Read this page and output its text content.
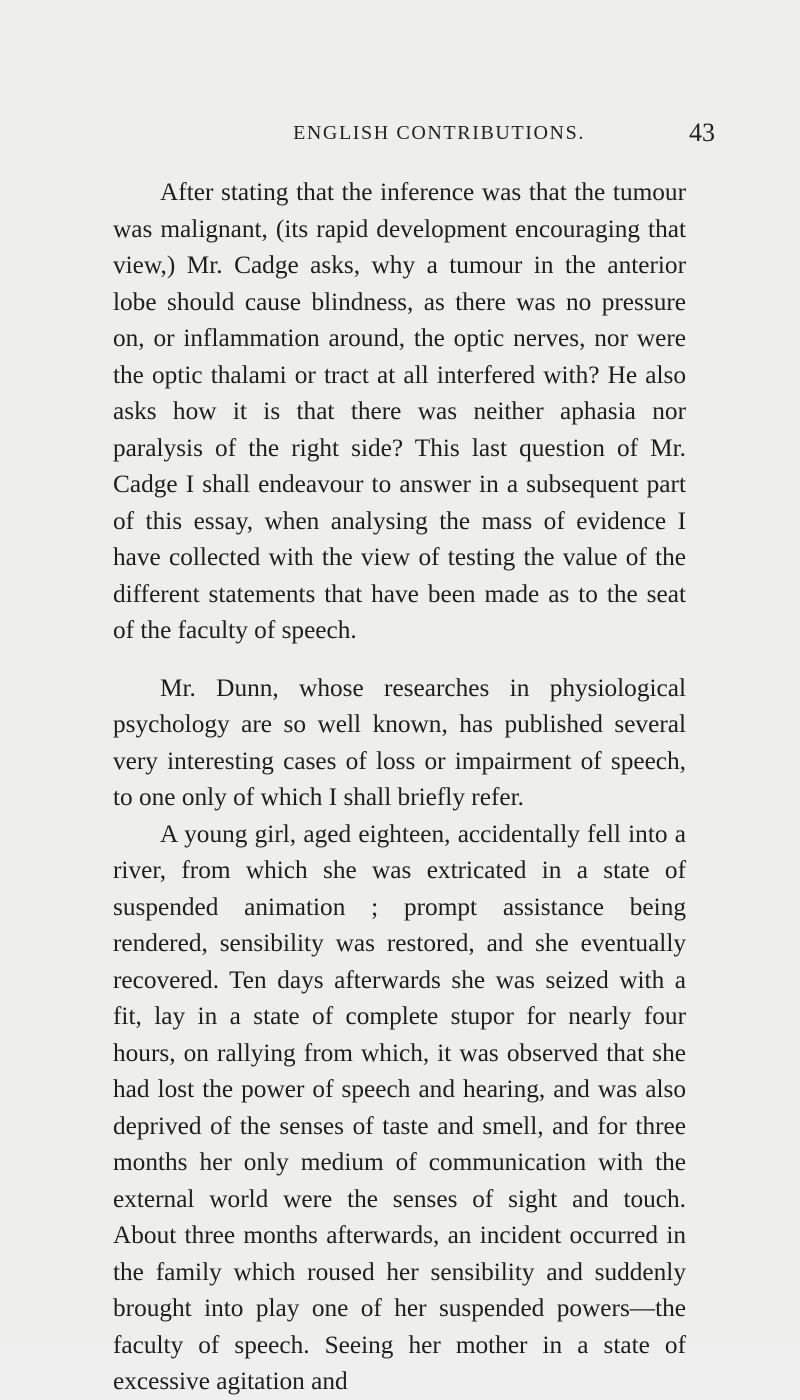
ENGLISH CONTRIBUTIONS.	43

After stating that the inference was that the tumour was malignant, (its rapid development encouraging that view,) Mr. Cadge asks, why a tumour in the anterior lobe should cause blindness, as there was no pressure on, or inflammation around, the optic nerves, nor were the optic thalami or tract at all interfered with? He also asks how it is that there was neither aphasia nor paralysis of the right side? This last question of Mr. Cadge I shall endeavour to answer in a subsequent part of this essay, when analysing the mass of evidence I have collected with the view of testing the value of the different statements that have been made as to the seat of the faculty of speech.

Mr. Dunn, whose researches in physiological psychology are so well known, has published several very interesting cases of loss or impairment of speech, to one only of which I shall briefly refer.

A young girl, aged eighteen, accidentally fell into a river, from which she was extricated in a state of suspended animation ; prompt assistance being rendered, sensibility was restored, and she eventually recovered. Ten days afterwards she was seized with a fit, lay in a state of complete stupor for nearly four hours, on rallying from which, it was observed that she had lost the power of speech and hearing, and was also deprived of the senses of taste and smell, and for three months her only medium of communication with the external world were the senses of sight and touch. About three months afterwards, an incident occurred in the family which roused her sensibility and suddenly brought into play one of her suspended powers—the faculty of speech. Seeing her mother in a state of excessive agitation and
